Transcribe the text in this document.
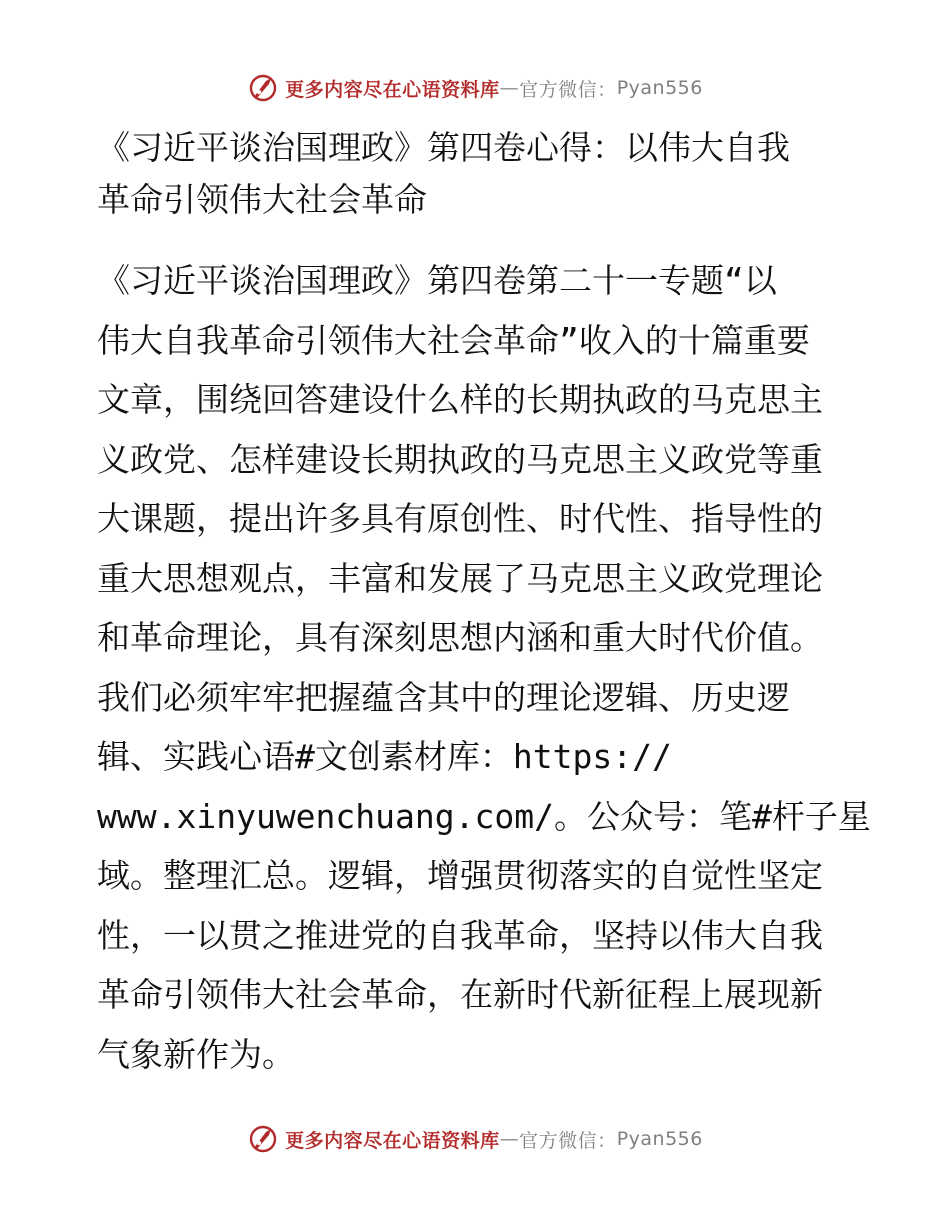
更多内容尽在心语资料库 — 官方微信： Pyan556
《习近平谈治国理政》第四卷心得：以伟大自我
革命引领伟大社会革命
《习近平谈治国理政》第四卷第二十一专题“以
伟大自我革命引领伟大社会革命”收入的十篇重要
文章，围绕回答建设什么样的长期执政的马克思主
义政党、怎样建设长期执政的马克思主义政党等重
大课题，提出许多具有原创性、时代性、指导性的
重大思想观点，丰富和发展了马克思主义政党理论
和革命理论，具有深刻思想内涵和重大时代价值。
我们必须牢牢把握蕴含其中的理论逻辑、历史逻
辑、实践心语#文创素材库：https://
www.xinyuwenchuang.com/。公众号：笔#杆子星
域。整理汇总。逻辑，增强贯彻落实的自觉性坚定
性，一以贯之推进党的自我革命，坚持以伟大自我
革命引领伟大社会革命，在新时代新征程上展现新
气象新作为。
更多内容尽在心语资料库 — 官方微信： Pyan556
